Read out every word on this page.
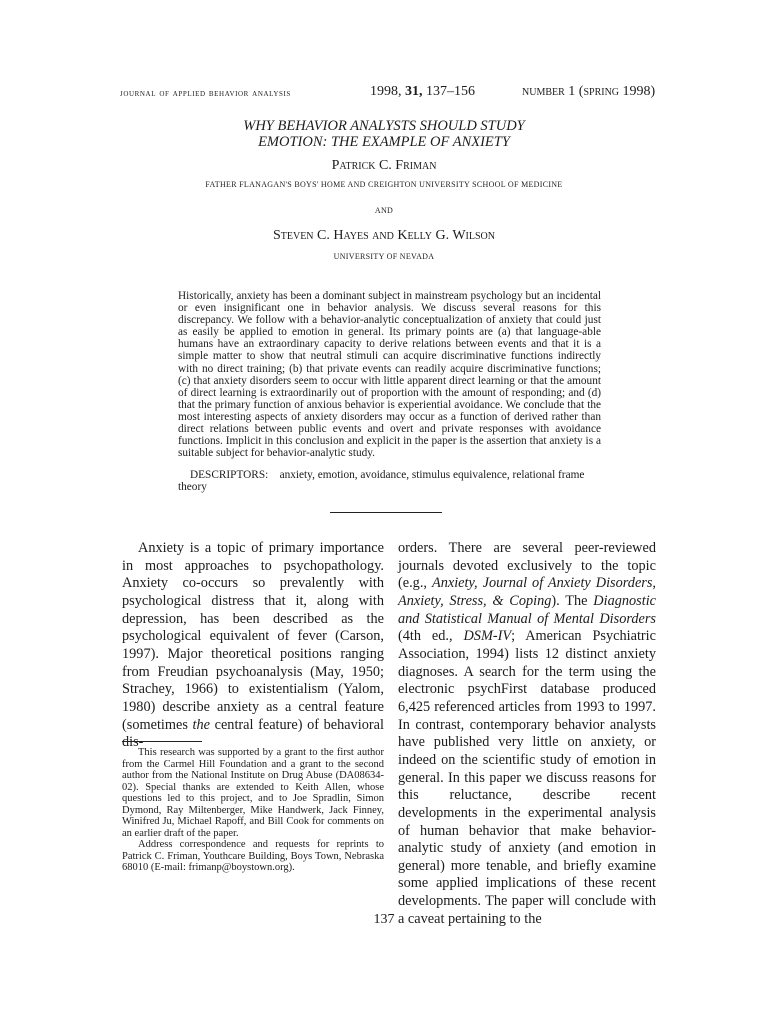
journal of applied behavior analysis	1998, 31, 137–156	number 1 (spring 1998)
WHY BEHAVIOR ANALYSTS SHOULD STUDY
EMOTION: THE EXAMPLE OF ANXIETY
Patrick C. Friman
FATHER FLANAGAN'S BOYS' HOME AND CREIGHTON UNIVERSITY SCHOOL OF MEDICINE
AND
Steven C. Hayes and Kelly G. Wilson
UNIVERSITY OF NEVADA
Historically, anxiety has been a dominant subject in mainstream psychology but an incidental or even insignificant one in behavior analysis. We discuss several reasons for this discrepancy. We follow with a behavior-analytic conceptualization of anxiety that could just as easily be applied to emotion in general. Its primary points are (a) that language-able humans have an extraordinary capacity to derive relations between events and that it is a simple matter to show that neutral stimuli can acquire discriminative functions indirectly with no direct training; (b) that private events can readily acquire discriminative functions; (c) that anxiety disorders seem to occur with little apparent direct learning or that the amount of direct learning is extraordinarily out of proportion with the amount of responding; and (d) that the primary function of anxious behavior is experiential avoidance. We conclude that the most interesting aspects of anxiety disorders may occur as a function of derived rather than direct relations between public events and overt and private responses with avoidance functions. Implicit in this conclusion and explicit in the paper is the assertion that anxiety is a suitable subject for behavior-analytic study.
DESCRIPTORS: anxiety, emotion, avoidance, stimulus equivalence, relational frame theory
Anxiety is a topic of primary importance in most approaches to psychopathology. Anxiety co-occurs so prevalently with psychological distress that it, along with depression, has been described as the psychological equivalent of fever (Carson, 1997). Major theoretical positions ranging from Freudian psychoanalysis (May, 1950; Strachey, 1966) to existentialism (Yalom, 1980) describe anxiety as a central feature (sometimes the central feature) of behavioral dis-
orders. There are several peer-reviewed journals devoted exclusively to the topic (e.g., Anxiety, Journal of Anxiety Disorders, Anxiety, Stress, & Coping). The Diagnostic and Statistical Manual of Mental Disorders (4th ed., DSM-IV; American Psychiatric Association, 1994) lists 12 distinct anxiety diagnoses. A search for the term using the electronic psychFirst database produced 6,425 referenced articles from 1993 to 1997. In contrast, contemporary behavior analysts have published very little on anxiety, or indeed on the scientific study of emotion in general. In this paper we discuss reasons for this reluctance, describe recent developments in the experimental analysis of human behavior that make behavior-analytic study of anxiety (and emotion in general) more tenable, and briefly examine some applied implications of these recent developments. The paper will conclude with a caveat pertaining to the

This research was supported by a grant to the first author from the Carmel Hill Foundation and a grant to the second author from the National Institute on Drug Abuse (DA08634-02). Special thanks are extended to Keith Allen, whose questions led to this project, and to Joe Spradlin, Simon Dymond, Ray Miltenberger, Mike Handwerk, Jack Finney, Winifred Ju, Michael Rapoff, and Bill Cook for comments on an earlier draft of the paper.

Address correspondence and requests for reprints to Patrick C. Friman, Youthcare Building, Boys Town, Nebraska 68010 (E-mail: frimanp@boystown.org).

137
